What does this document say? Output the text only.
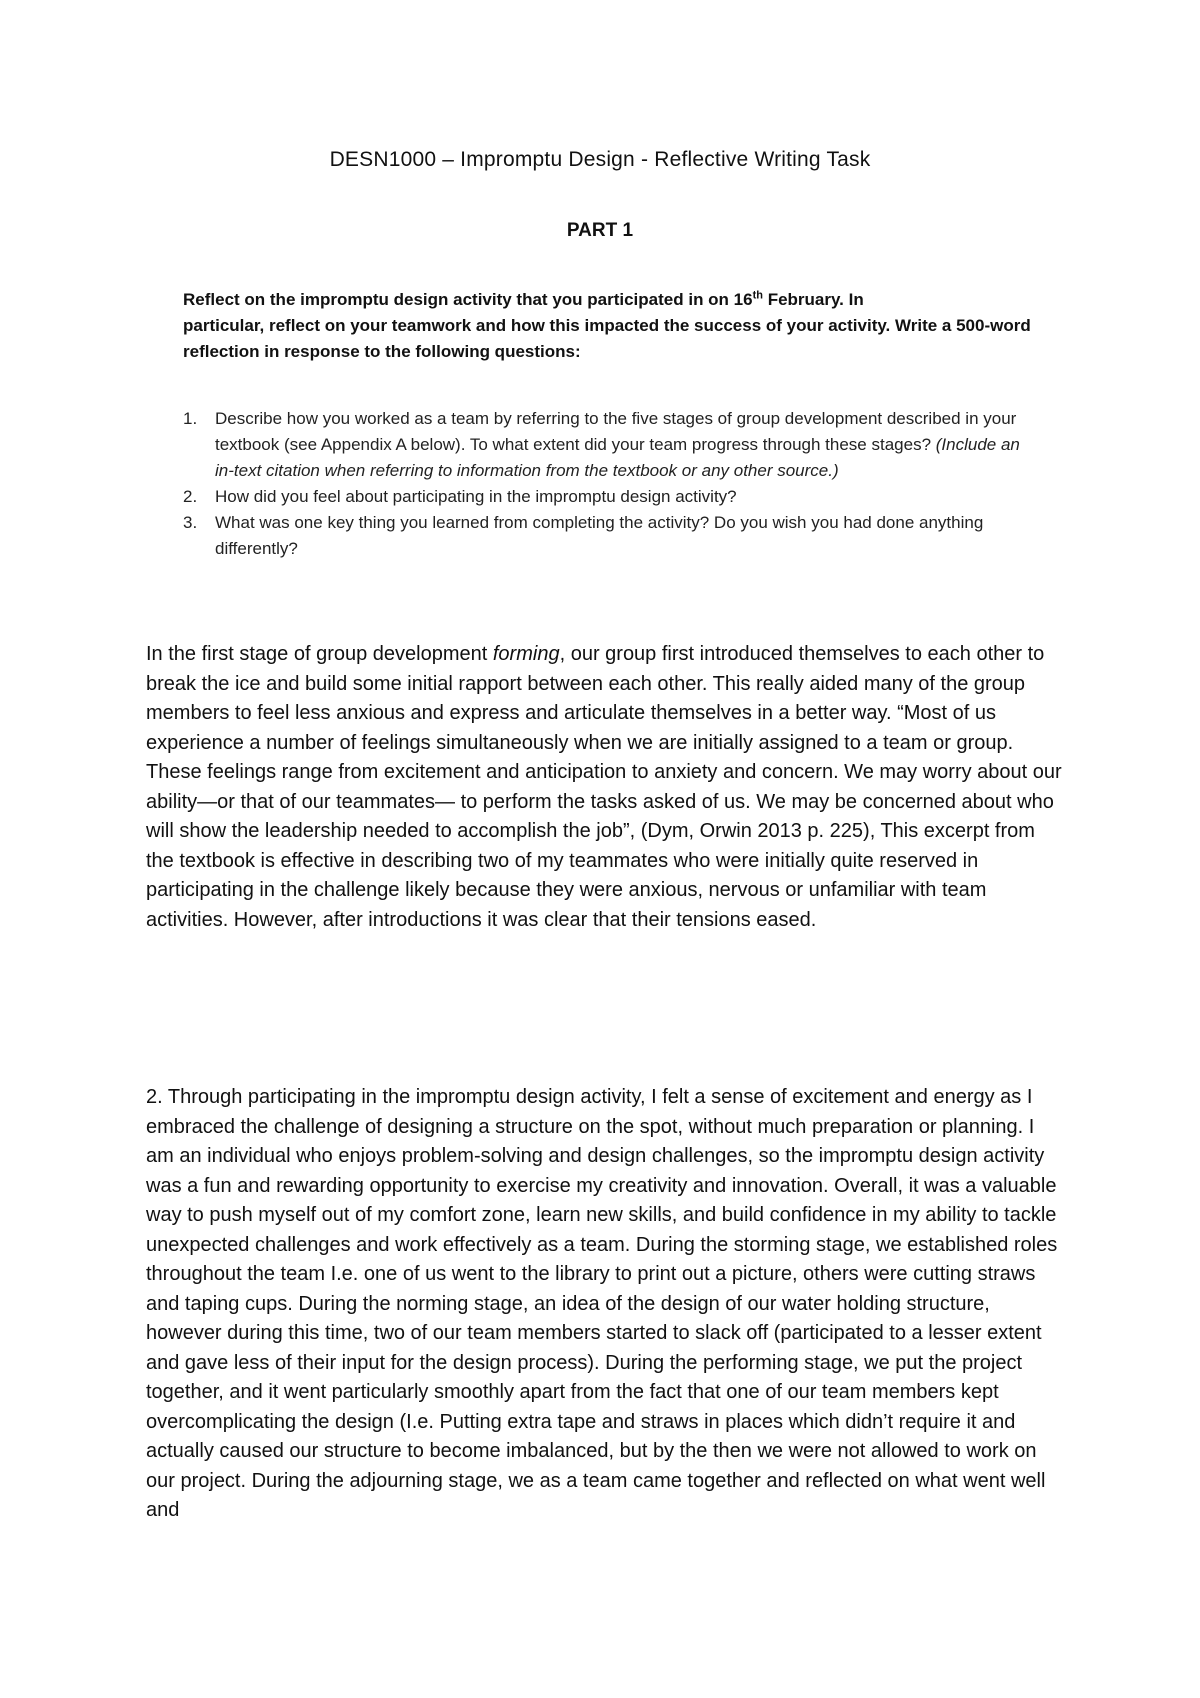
DESN1000 – Impromptu Design - Reflective Writing Task
PART 1
Reflect on the impromptu design activity that you participated in on 16th February. In
particular, reflect on your teamwork and how this impacted the success of your activity. Write a 500-word reflection in response to the following questions:
1. Describe how you worked as a team by referring to the five stages of group development described in your textbook (see Appendix A below). To what extent did your team progress through these stages? (Include an in-text citation when referring to information from the textbook or any other source.)
2. How did you feel about participating in the impromptu design activity?
3. What was one key thing you learned from completing the activity? Do you wish you had done anything differently?

In the first stage of group development forming, our group first introduced themselves to each other to break the ice and build some initial rapport between each other. This really aided many of the group members to feel less anxious and express and articulate themselves in a better way. “Most of us experience a number of feelings simultaneously when we are initially assigned to a team or group. These feelings range from excitement and anticipation to anxiety and concern. We may worry about our ability—or that of our teammates— to perform the tasks asked of us. We may be concerned about who will show the leadership needed to accomplish the job”, (Dym, Orwin 2013 p. 225), This excerpt from the textbook is effective in describing two of my teammates who were initially quite reserved in participating in the challenge likely because they were anxious, nervous or unfamiliar with team activities. However, after introductions it was clear that their tensions eased.

2. Through participating in the impromptu design activity, I felt a sense of excitement and energy as I embraced the challenge of designing a structure on the spot, without much preparation or planning. I am an individual who enjoys problem-solving and design challenges, so the impromptu design activity was a fun and rewarding opportunity to exercise my creativity and innovation. Overall, it was a valuable way to push myself out of my comfort zone, learn new skills, and build confidence in my ability to tackle unexpected challenges and work effectively as a team. During the storming stage, we established roles throughout the team I.e. one of us went to the library to print out a picture, others were cutting straws and taping cups. During the norming stage, an idea of the design of our water holding structure, however during this time, two of our team members started to slack off (participated to a lesser extent and gave less of their input for the design process). During the performing stage, we put the project together, and it went particularly smoothly apart from the fact that one of our team members kept overcomplicating the design (I.e. Putting extra tape and straws in places which didn’t require it and actually caused our structure to become imbalanced, but by the then we were not allowed to work on our project. During the adjourning stage, we as a team came together and reflected on what went well and
